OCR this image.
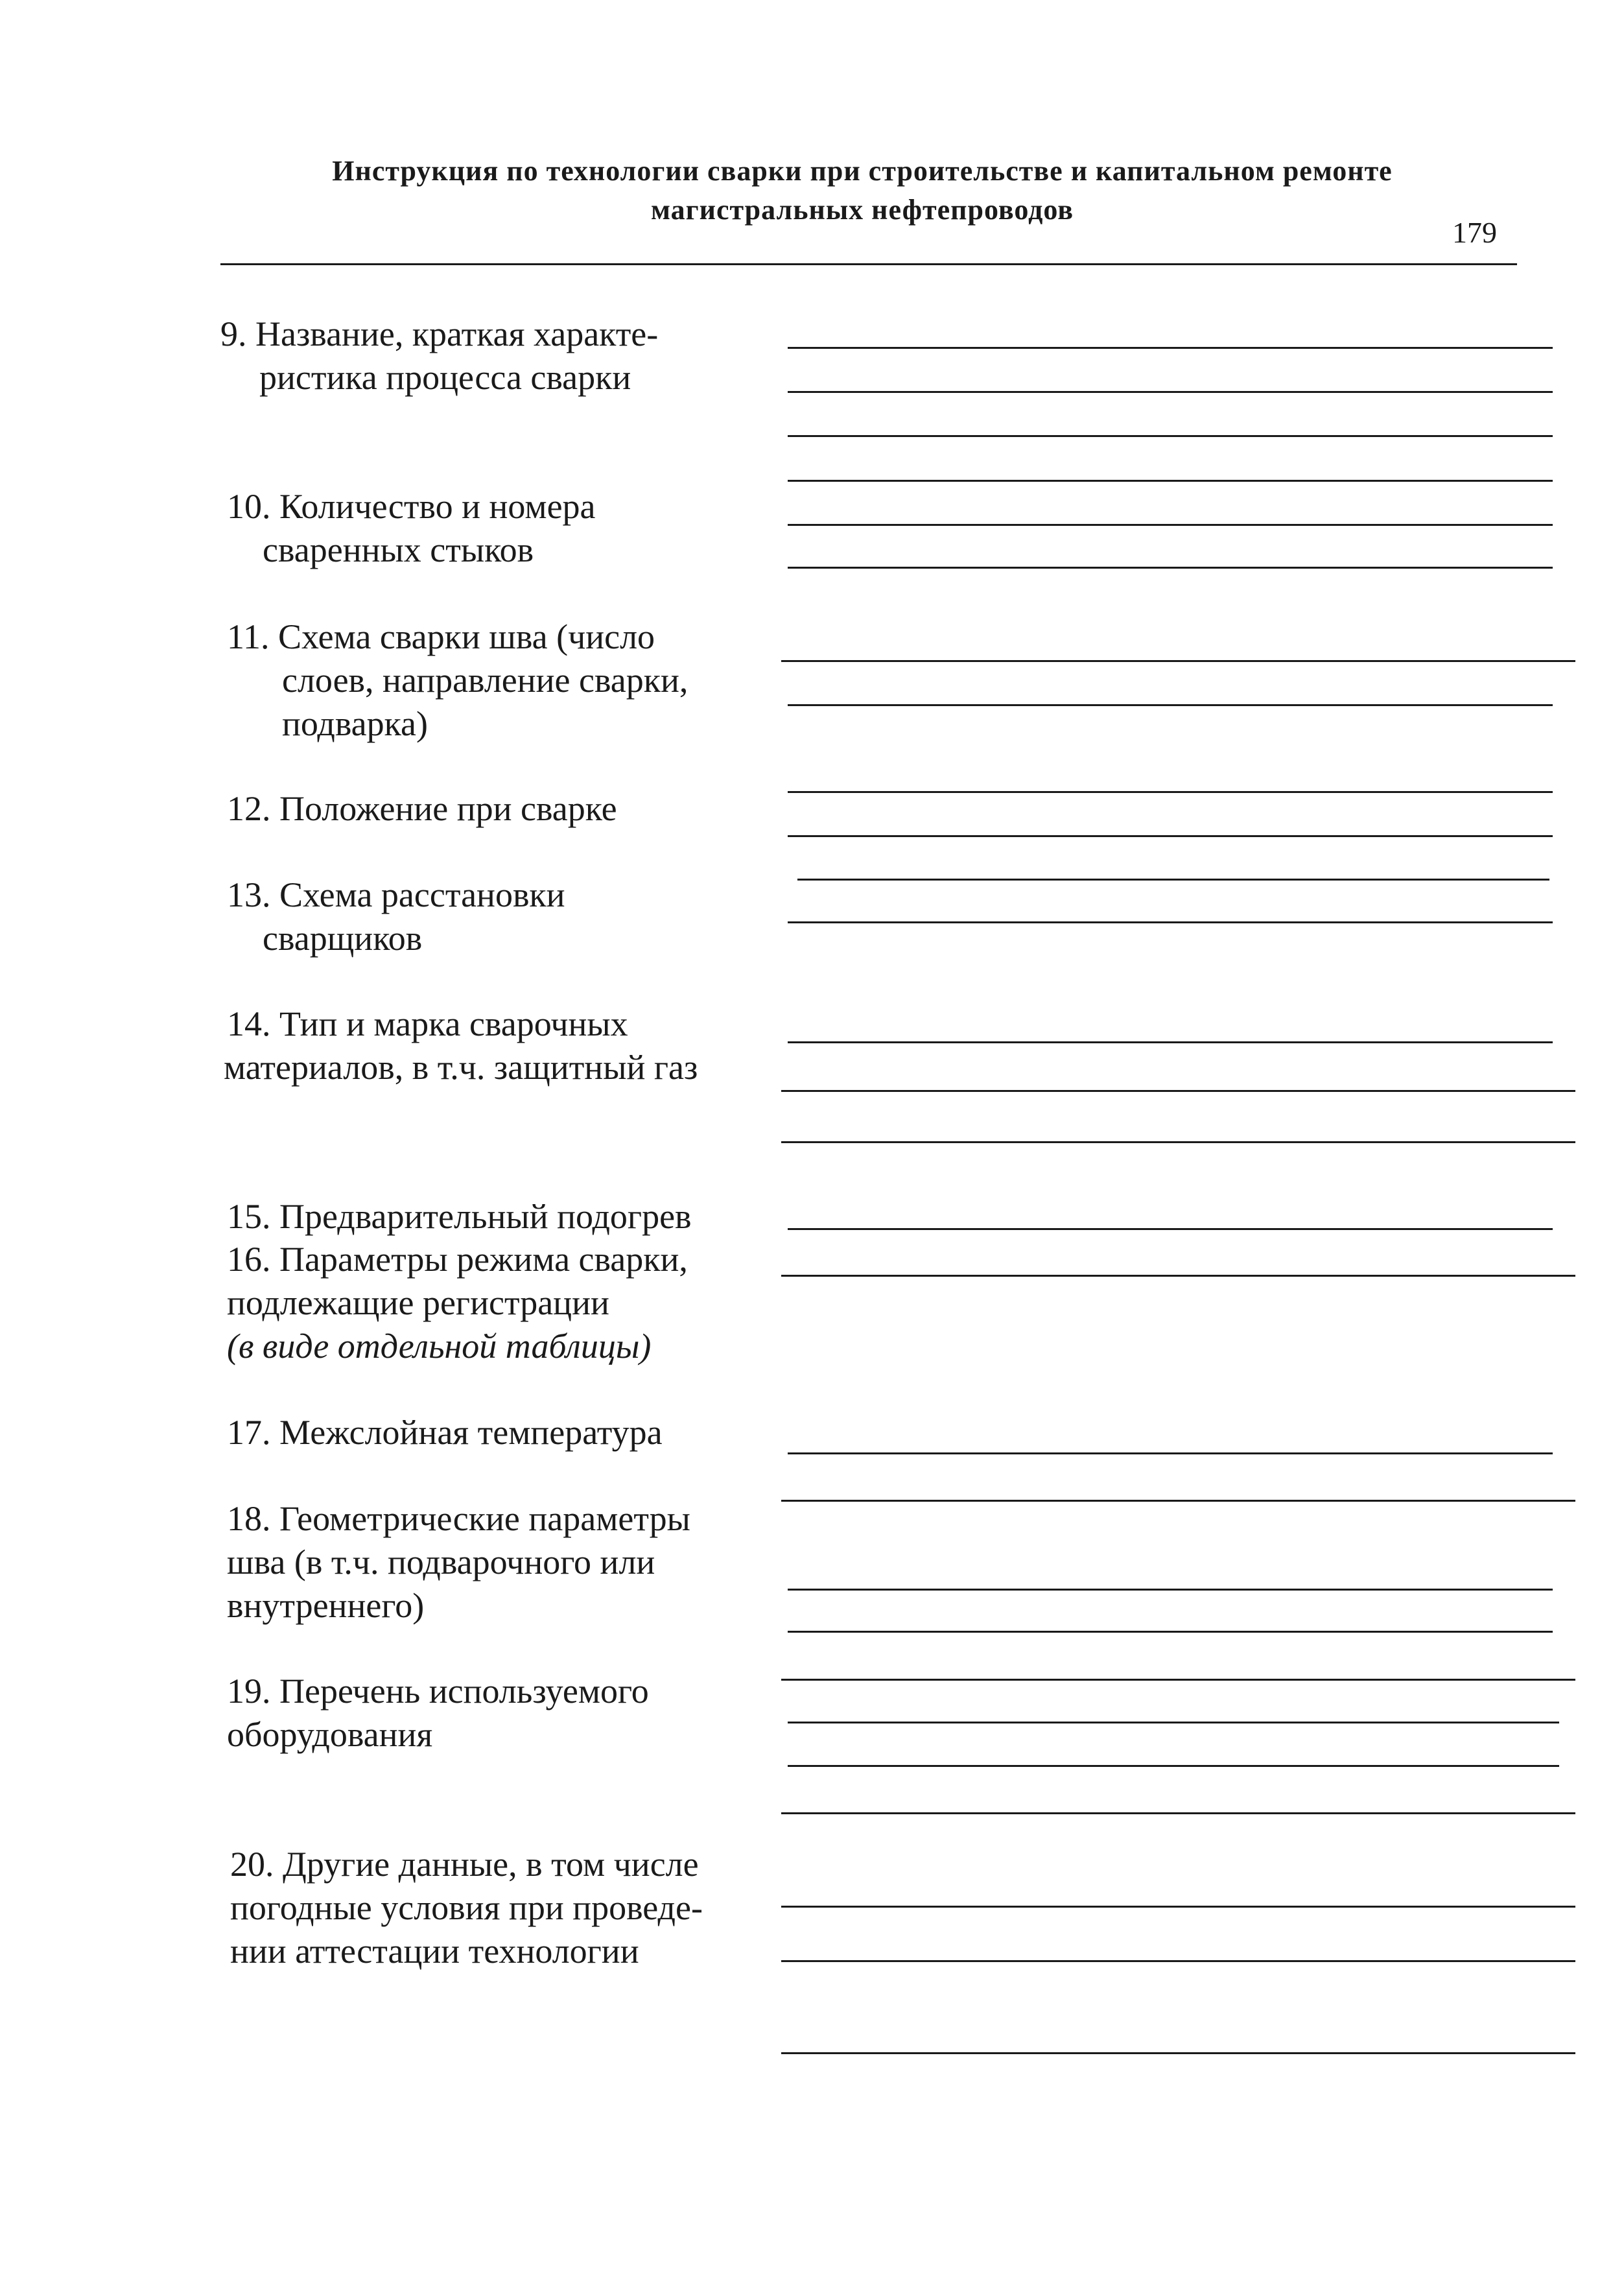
Инструкция по технологии сварки при строительстве и капитальном ремонте
магистральных нефтепроводов
179
9. Название, краткая характе-
ристика процесса сварки
10. Количество и номера
сваренных стыков
11. Схема сварки шва (число
слоев, направление сварки,
подварка)
12. Положение при сварке
13. Схема расстановки
сварщиков
14. Тип и марка сварочных
материалов, в т.ч. защитный газ
15. Предварительный подогрев
16. Параметры режима сварки,
подлежащие регистрации
(в виде отдельной таблицы)
17. Межслойная температура
18. Геометрические параметры
шва (в т.ч. подварочного или
внутреннего)
19. Перечень используемого
оборудования
20. Другие данные, в том числе
погодные условия при проведе-
нии аттестации технологии
